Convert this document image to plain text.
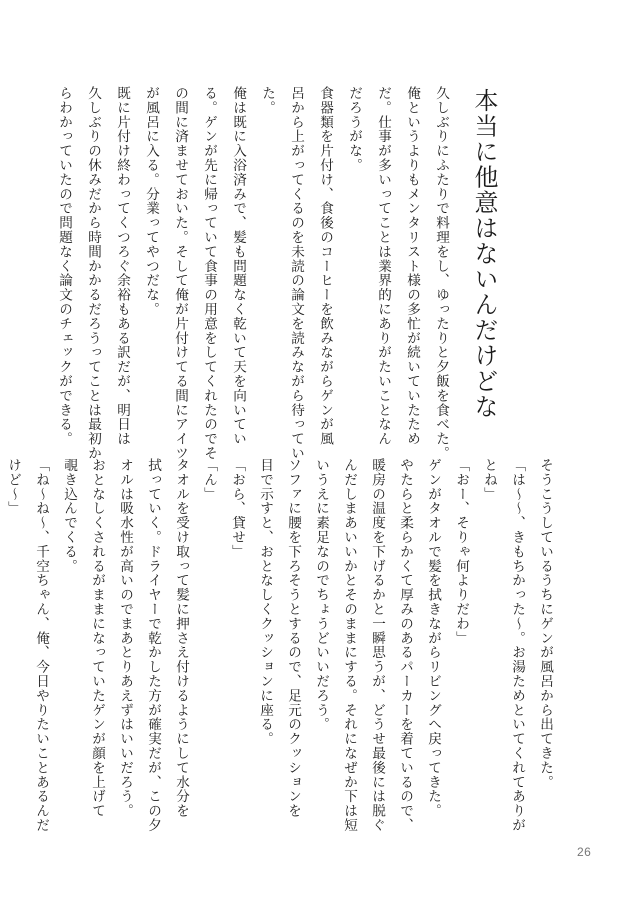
本当に他意はないんだけどな
久しぶりにふたりで料理をし、ゆったりと夕飯を食べた。
俺というよりもメンタリスト様の多忙が続いていたため
だ。仕事が多いってことは業界的にありがたいことなん
だろうがな。
食器類を片付け、食後のコーヒーを飲みながらゲンが風
呂から上がってくるのを未読の論文を読みながら待ってい
た。
俺は既に入浴済みで、髪も問題なく乾いて天を向いてい
る。ゲンが先に帰っていて食事の用意をしてくれたのでそ
の間に済ませておいた。そして俺が片付けてる間にアイツ
が風呂に入る。分業ってやつだな。
既に片付け終わってくつろぐ余裕もある訳だが、明日は
久しぶりの休みだから時間かかるだろうってことは最初か
らわかっていたので問題なく論文のチェックができる。
そうこうしているうちにゲンが風呂から出てきた。
「は〜〜、きもちかった〜。お湯ためといてくれてありが
とね」
「おー、そりゃ何よりだわ」
ゲンがタオルで髪を拭きながらリビングへ戻ってきた。
やたらと柔らかくて厚みのあるパーカーを着ているので、
暖房の温度を下げるかと一瞬思うが、どうせ最後には脱ぐ
んだしまあいいかとそのままにする。それになぜか下は短
いうえに素足なのでちょうどいいだろう。
ソファに腰を下ろそうとするので、足元のクッションを
目で示すと、おとなしくクッションに座る。
「おら、貸せ」
「ん」
タオルを受け取って髪に押さえ付けるようにして水分を
拭っていく。ドライヤーで乾かした方が確実だが、この夕
オルは吸水性が高いのでまあとりあえずはいいだろう。
おとなしくされるがままになっていたゲンが顔を上げて
覗き込んでくる。
「ね〜ね〜、千空ちゃん、俺、今日やりたいことあるんだ
けど〜」
26
